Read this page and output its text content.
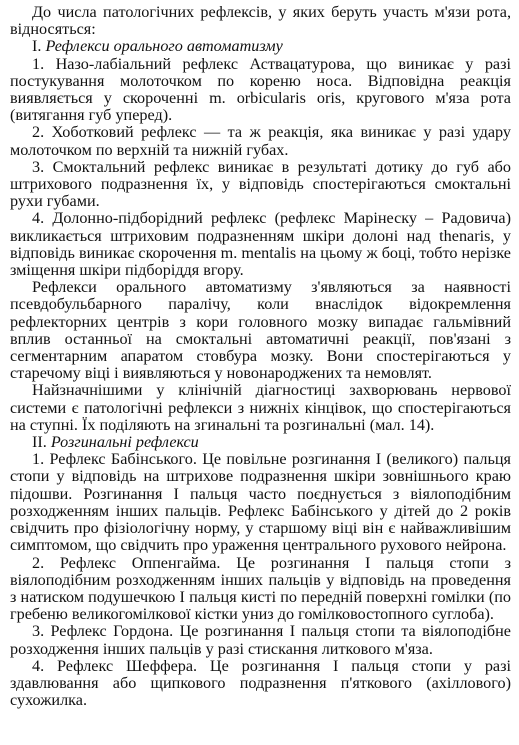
До числа патологічних рефлексів, у яких беруть участь м'язи рота, відносяться:

I. Рефлекси орального автоматизму

1. Назо-лабіальний рефлекс Аствацатурова, що виникає у разі постукування молоточком по кореню носа. Відповідна реакція виявляється у скороченні m. orbicularis oris, кругового м'яза рота (витягання губ уперед).

2. Хоботковий рефлекс — та ж реакція, яка виникає у разі удару молоточком по верхній та нижній губах.

3. Смоктальний рефлекс виникає в результаті дотику до губ або штрихового подразнення їх, у відповідь спостерігаються смоктальні рухи губами.

4. Долонно-підборідний рефлекс (рефлекс Марінеску – Радовича) викликається штриховим подразненням шкіри долоні над thenaris, у відповідь виникає скорочення m. mentalis на цьому ж боці, тобто нерізке зміщення шкіри підборіддя вгору.

Рефлекси орального автоматизму з'являються за наявності псевдобульбарного паралічу, коли внаслідок відокремлення рефлекторних центрів з кори головного мозку випадає гальмівний вплив останньої на смоктальні автоматичні реакції, пов'язані з сегментарним апаратом стовбура мозку. Вони спостерігаються у старечому віці і виявляються у новонароджених та немовлят.

Найзначнішими у клінічній діагностиці захворювань нервової системи є патологічні рефлекси з нижніх кінцівок, що спостерігаються на ступні. Їх поділяють на згинальні та розгинальні (мал. 14).

II. Розгинальні рефлекси

1. Рефлекс Бабінського. Це повільне розгинання І (великого) пальця стопи у відповідь на штрихове подразнення шкіри зовнішнього краю підошви. Розгинання І пальця часто поєднується з віялоподібним розходженням інших пальців. Рефлекс Бабінського у дітей до 2 років свідчить про фізіологічну норму, у старшому віці він є найважливішим симптомом, що свідчить про ураження центрального рухового нейрона.

2. Рефлекс Оппенгайма. Це розгинання І пальця стопи з віялоподібним розходженням інших пальців у відповідь на проведення з натиском подушечкою І пальця кисті по передній поверхні гомілки (по гребеню великогомілкової кістки униз до гомілковостопного суглоба).

3. Рефлекс Гордона. Це розгинання І пальця стопи та віялоподібне розходження інших пальців у разі стискання литкового м'яза.

4. Рефлекс Шеффера. Це розгинання І пальця стопи у разі здавлювання або щипкового подразнення п'яткового (ахіллового) сухожилка.
